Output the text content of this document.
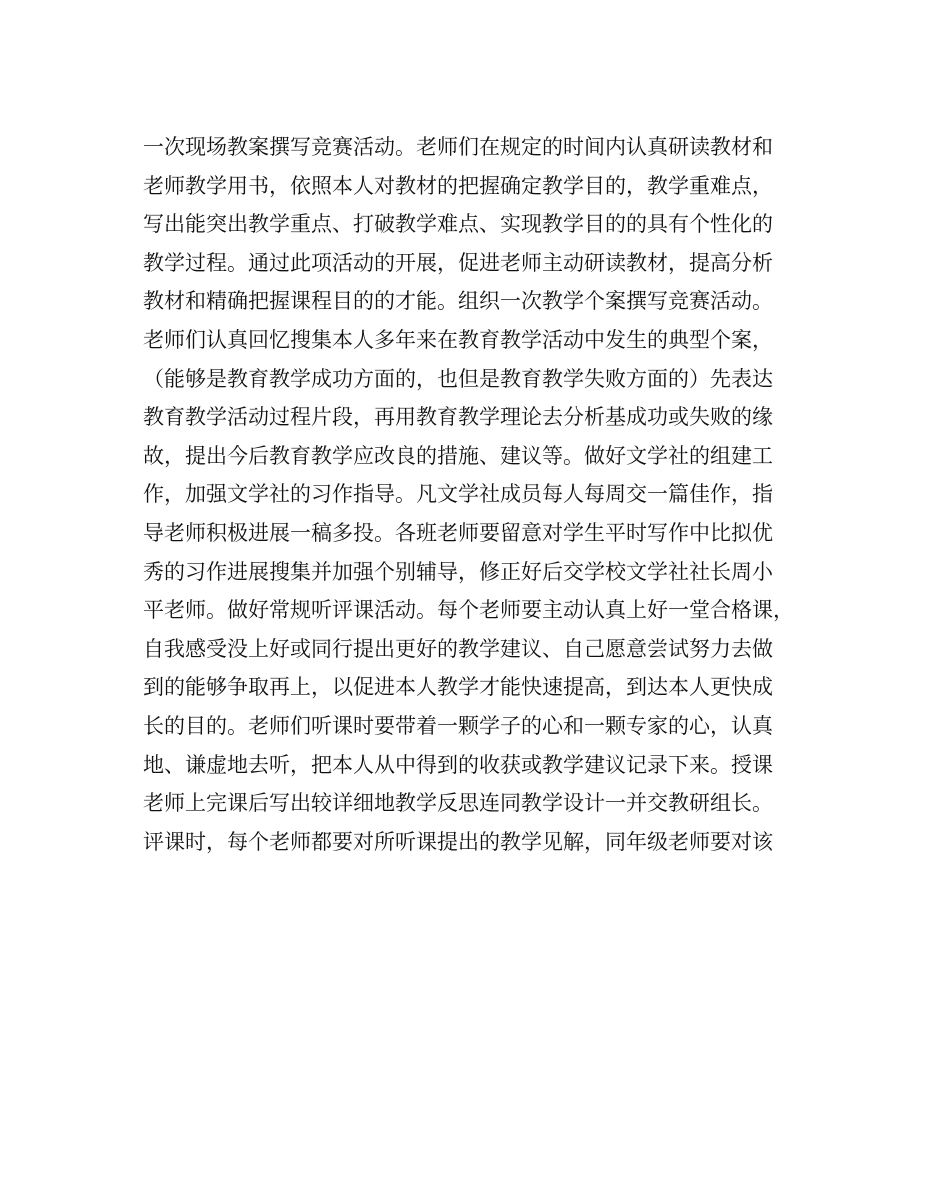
一次现场教案撰写竞赛活动。老师们在规定的时间内认真研读教材和
老师教学用书，依照本人对教材的把握确定教学目的，教学重难点，
写出能突出教学重点、打破教学难点、实现教学目的的具有个性化的
教学过程。通过此项活动的开展，促进老师主动研读教材，提高分析
教材和精确把握课程目的的才能。组织一次教学个案撰写竞赛活动。
老师们认真回忆搜集本人多年来在教育教学活动中发生的典型个案，
（能够是教育教学成功方面的，也但是教育教学失败方面的）先表达
教育教学活动过程片段，再用教育教学理论去分析基成功或失败的缘
故，提出今后教育教学应改良的措施、建议等。做好文学社的组建工
作，加强文学社的习作指导。凡文学社成员每人每周交一篇佳作，指
导老师积极进展一稿多投。各班老师要留意对学生平时写作中比拟优
秀的习作进展搜集并加强个别辅导，修正好后交学校文学社社长周小
平老师。做好常规听评课活动。每个老师要主动认真上好一堂合格课，
自我感受没上好或同行提出更好的教学建议、自己愿意尝试努力去做
到的能够争取再上，以促进本人教学才能快速提高，到达本人更快成
长的目的。老师们听课时要带着一颗学子的心和一颗专家的心，认真
地、谦虚地去听，把本人从中得到的收获或教学建议记录下来。授课
老师上完课后写出较详细地教学反思连同教学设计一并交教研组长。
评课时，每个老师都要对所听课提出的教学见解，同年级老师要对该
